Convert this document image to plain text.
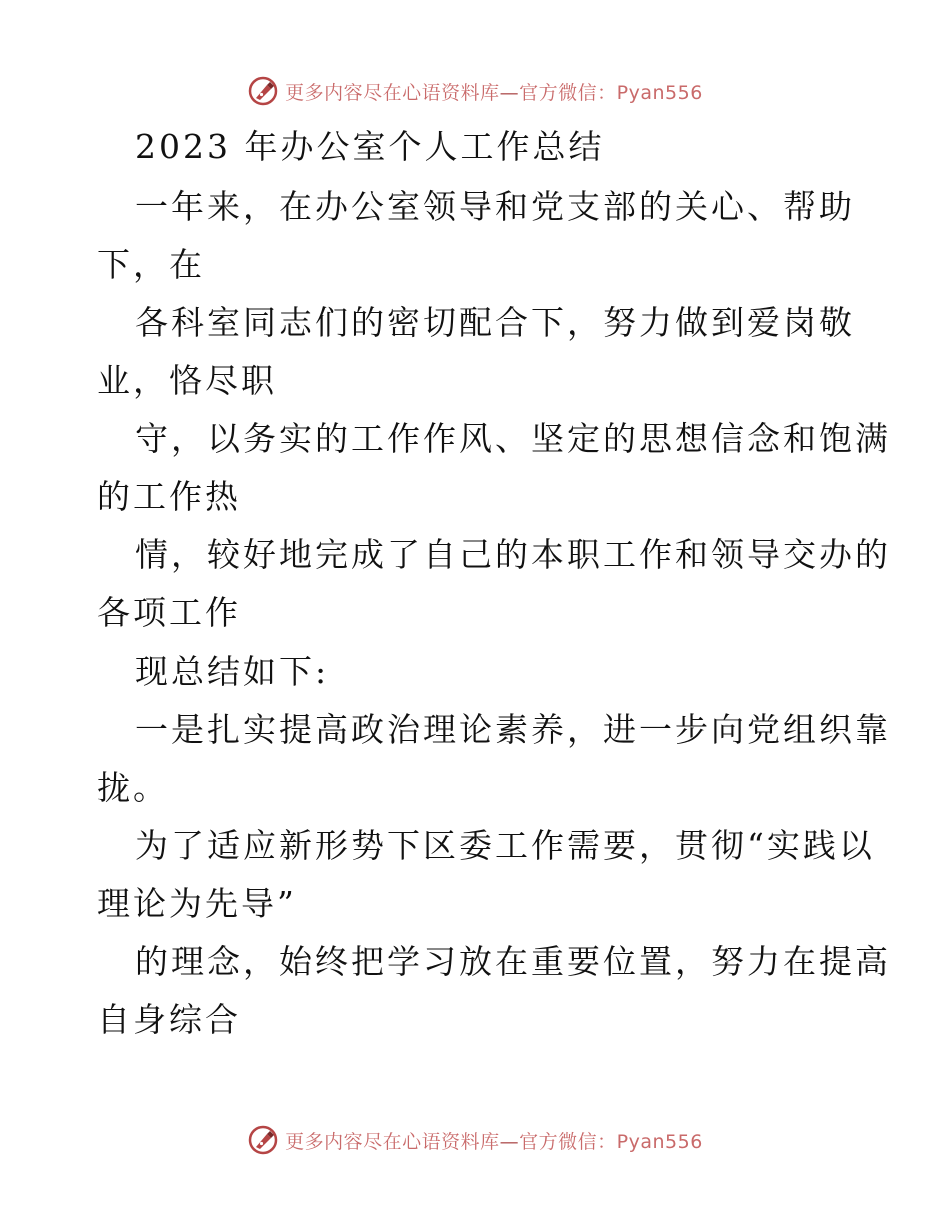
更多内容尽在心语资料库—官方微信：Pyan556
2023 年办公室个人工作总结
一年来，在办公室领导和党支部的关心、帮助
下，在
各科室同志们的密切配合下，努力做到爱岗敬
业，恪尽职
守，以务实的工作作风、坚定的思想信念和饱满
的工作热
情，较好地完成了自己的本职工作和领导交办的
各项工作
现总结如下:
一是扎实提高政治理论素养，进一步向党组织靠
拢。
为了适应新形势下区委工作需要，贯彻“实践以
理论为先导”
的理念，始终把学习放在重要位置，努力在提高
自身综合
更多内容尽在心语资料库—官方微信：Pyan556
